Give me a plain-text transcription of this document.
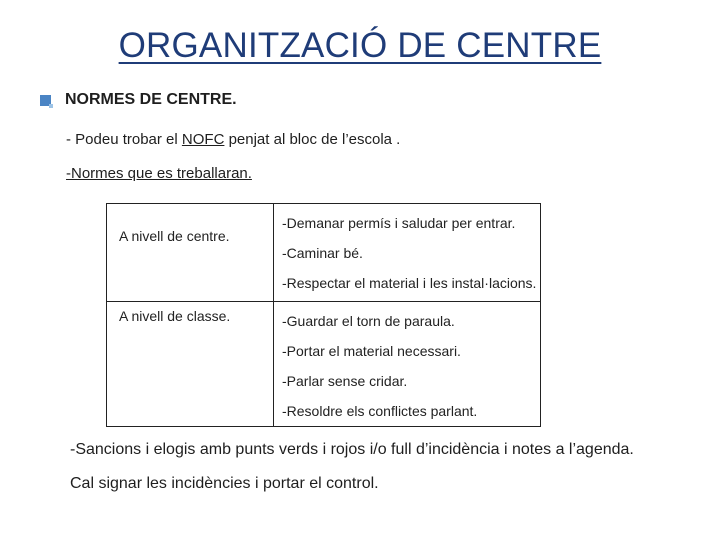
ORGANITZACIÓ DE CENTRE
NORMES DE CENTRE.
- Podeu trobar el NOFC penjat al bloc de l’escola .
-Normes que es treballaran.
A nivell de centre.	-Demanar permís i saludar per entrar.
-Caminar bé.
-Respectar el material i les instal·lacions.

A nivell de classe.	-Guardar el torn de paraula.
-Portar el material necessari.
-Parlar sense cridar.
-Resoldre els conflictes parlant.
-Sancions i elogis amb punts verds i rojos i/o full d’incidència i notes a l’agenda.
Cal signar les incidències i portar el control.
